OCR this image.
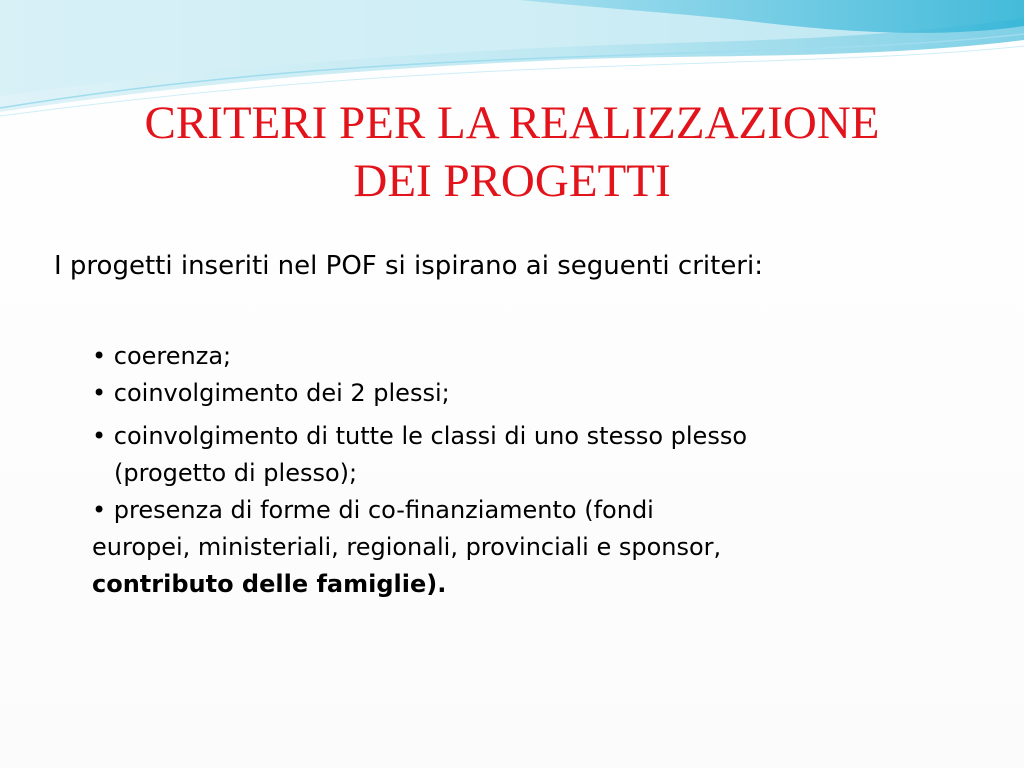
CRITERI PER LA REALIZZAZIONE
DEI PROGETTI

I progetti inseriti nel POF si ispirano ai seguenti criteri:

• coerenza;
• coinvolgimento dei 2 plessi;
• coinvolgimento di tutte le classi di uno stesso plesso
(progetto di plesso);
• presenza di forme di co-finanziamento (fondi
europei, ministeriali, regionali, provinciali e sponsor,
contributo delle famiglie).
